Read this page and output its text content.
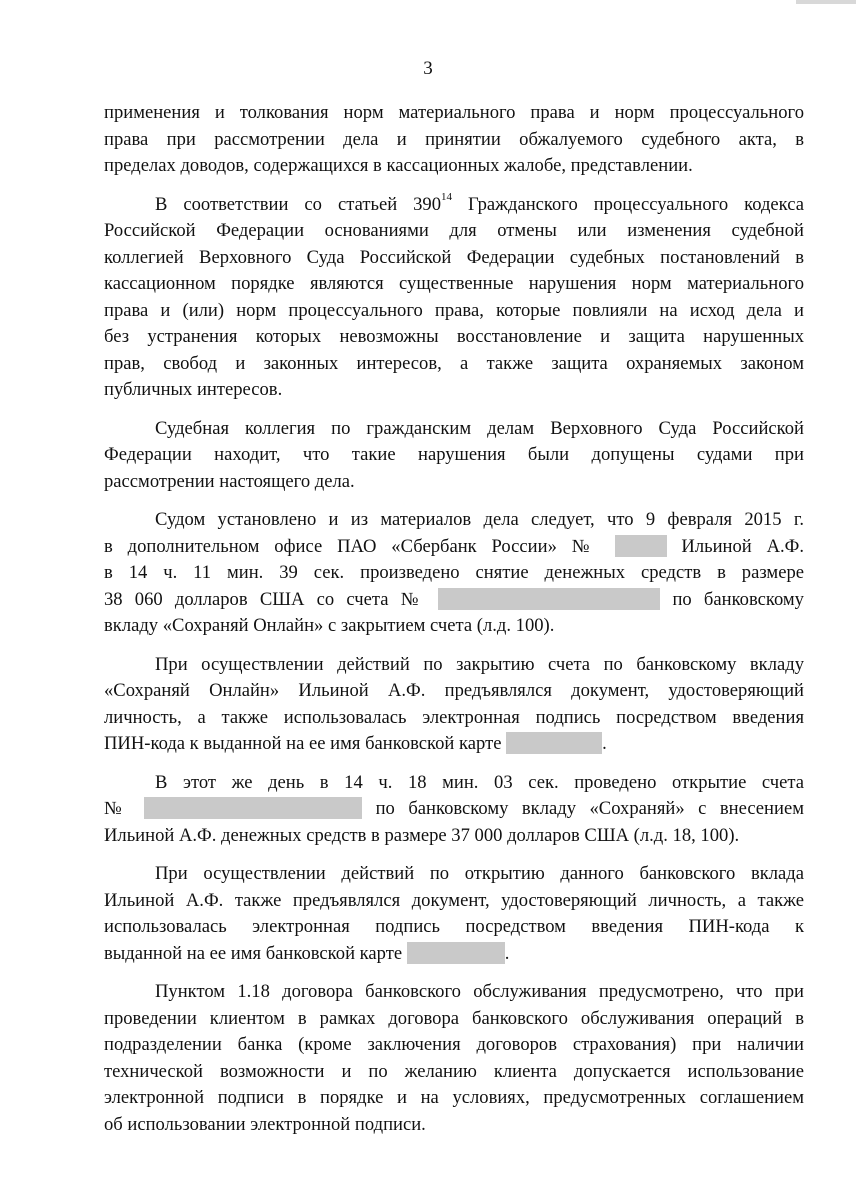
3
применения и толкования норм материального права и норм процессуального
права при рассмотрении дела и принятии обжалуемого судебного акта, в
пределах доводов, содержащихся в кассационных жалобе, представлении.
В соответствии со статьей $390^{14}$ Гражданского процессуального кодекса
Российской Федерации основаниями для отмены или изменения судебной
коллегией Верховного Суда Российской Федерации судебных постановлений в
кассационном порядке являются существенные нарушения норм материального
права и (или) норм процессуального права, которые повлияли на исход дела и
без устранения которых невозможны восстановление и защита нарушенных
прав, свобод и законных интересов, а также защита охраняемых законом
публичных интересов.
Судебная коллегия по гражданским делам Верховного Суда Российской
Федерации находит, что такие нарушения были допущены судами при
рассмотрении настоящего дела.
Судом установлено и из материалов дела следует, что 9 февраля 2015 г.
в дополнительном офисе ПАО «Сбербанк России» №	Ильиной А.Ф.
в 14 ч. 11 мин. 39 сек. произведено снятие денежных средств в размере
38 060 долларов США со счета №	по банковскому
вкладу «Сохраняй Онлайн» с закрытием счета (л.д. 100).
При осуществлении действий по закрытию счета по банковскому вкладу
«Сохраняй Онлайн» Ильиной А.Ф. предъявлялся документ, удостоверяющий
личность, а также использовалась электронная подпись посредством введения
ПИН-кода к выданной на ее имя банковской карте	.
В этот же день в 14 ч. 18 мин. 03 сек. проведено открытие счета
№	по банковскому вкладу «Сохраняй» с внесением
Ильиной А.Ф. денежных средств в размере 37 000 долларов США (л.д. 18, 100).
При осуществлении действий по открытию данного банковского вклада
Ильиной А.Ф. также предъявлялся документ, удостоверяющий личность, а также
использовалась электронная подпись посредством введения ПИН-кода к
выданной на ее имя банковской карте	.
Пунктом 1.18 договора банковского обслуживания предусмотрено, что при
проведении клиентом в рамках договора банковского обслуживания операций в
подразделении банка (кроме заключения договоров страхования) при наличии
технической возможности и по желанию клиента допускается использование
электронной подписи в порядке и на условиях, предусмотренных соглашением
об использовании электронной подписи.
